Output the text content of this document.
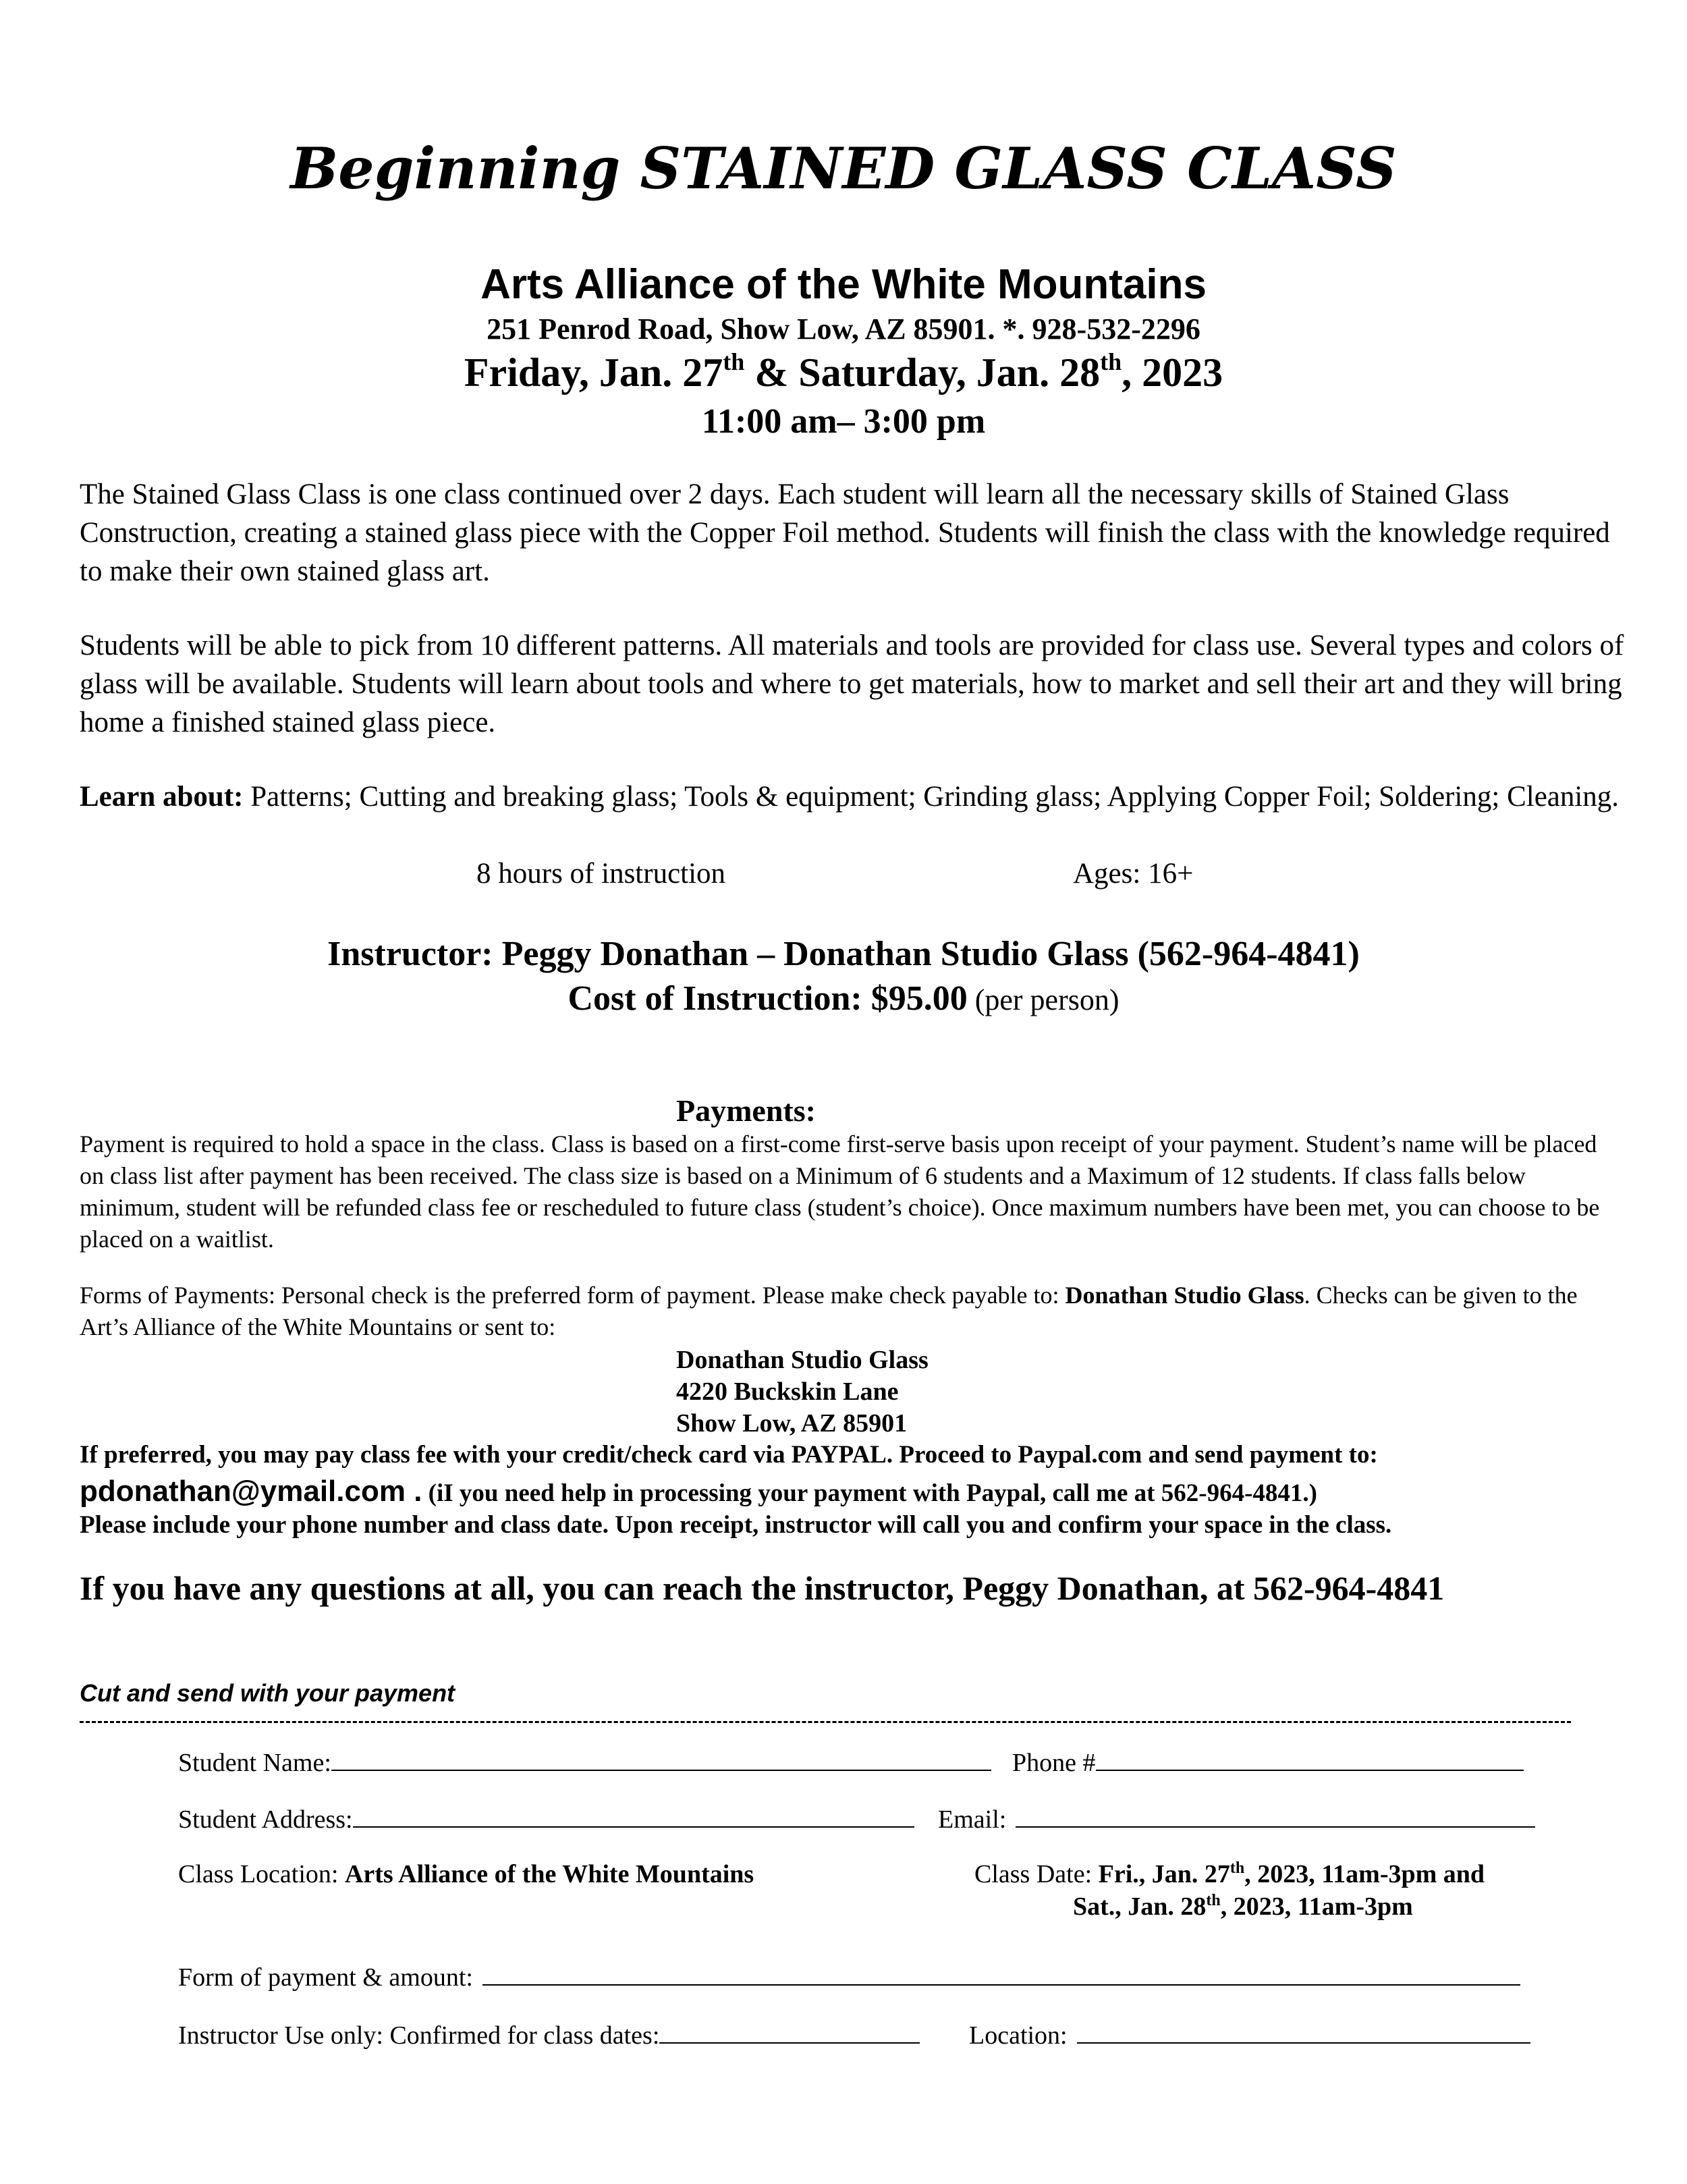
Beginning STAINED GLASS CLASS
Arts Alliance of the White Mountains
251 Penrod Road, Show Low, AZ 85901. *. 928-532-2296
Friday, Jan. 27th & Saturday, Jan. 28th, 2023
11:00 am– 3:00 pm
The Stained Glass Class is one class continued over 2 days. Each student will learn all the necessary skills of Stained Glass Construction, creating a stained glass piece with the Copper Foil method. Students will finish the class with the knowledge required to make their own stained glass art.
Students will be able to pick from 10 different patterns. All materials and tools are provided for class use. Several types and colors of glass will be available. Students will learn about tools and where to get materials, how to market and sell their art and they will bring home a finished stained glass piece.
Learn about: Patterns; Cutting and breaking glass; Tools & equipment; Grinding glass; Applying Copper Foil; Soldering; Cleaning.
8 hours of instruction	Ages: 16+
Instructor: Peggy Donathan – Donathan Studio Glass (562-964-4841)
Cost of Instruction: $95.00 (per person)
Payments:
Payment is required to hold a space in the class. Class is based on a first-come first-serve basis upon receipt of your payment. Student’s name will be placed on class list after payment has been received. The class size is based on a Minimum of 6 students and a Maximum of 12 students. If class falls below minimum, student will be refunded class fee or rescheduled to future class (student’s choice). Once maximum numbers have been met, you can choose to be placed on a waitlist.
Forms of Payments: Personal check is the preferred form of payment. Please make check payable to: Donathan Studio Glass. Checks can be given to the Art’s Alliance of the White Mountains or sent to:
Donathan Studio Glass
4220 Buckskin Lane
Show Low, AZ 85901
If preferred, you may pay class fee with your credit/check card via PAYPAL. Proceed to Paypal.com and send payment to:
pdonathan@ymail.com . (iI you need help in processing your payment with Paypal, call me at 562-964-4841.)
Please include your phone number and class date. Upon receipt, instructor will call you and confirm your space in the class.
If you have any questions at all, you can reach the instructor, Peggy Donathan, at 562-964-4841
Cut and send with your payment
Student Name:	Phone #
Student Address:	Email:
Class Location: Arts Alliance of the White Mountains	Class Date: Fri., Jan. 27th, 2023, 11am-3pm and
Sat., Jan. 28th, 2023, 11am-3pm
Form of payment & amount:
Instructor Use only: Confirmed for class dates:	Location:
